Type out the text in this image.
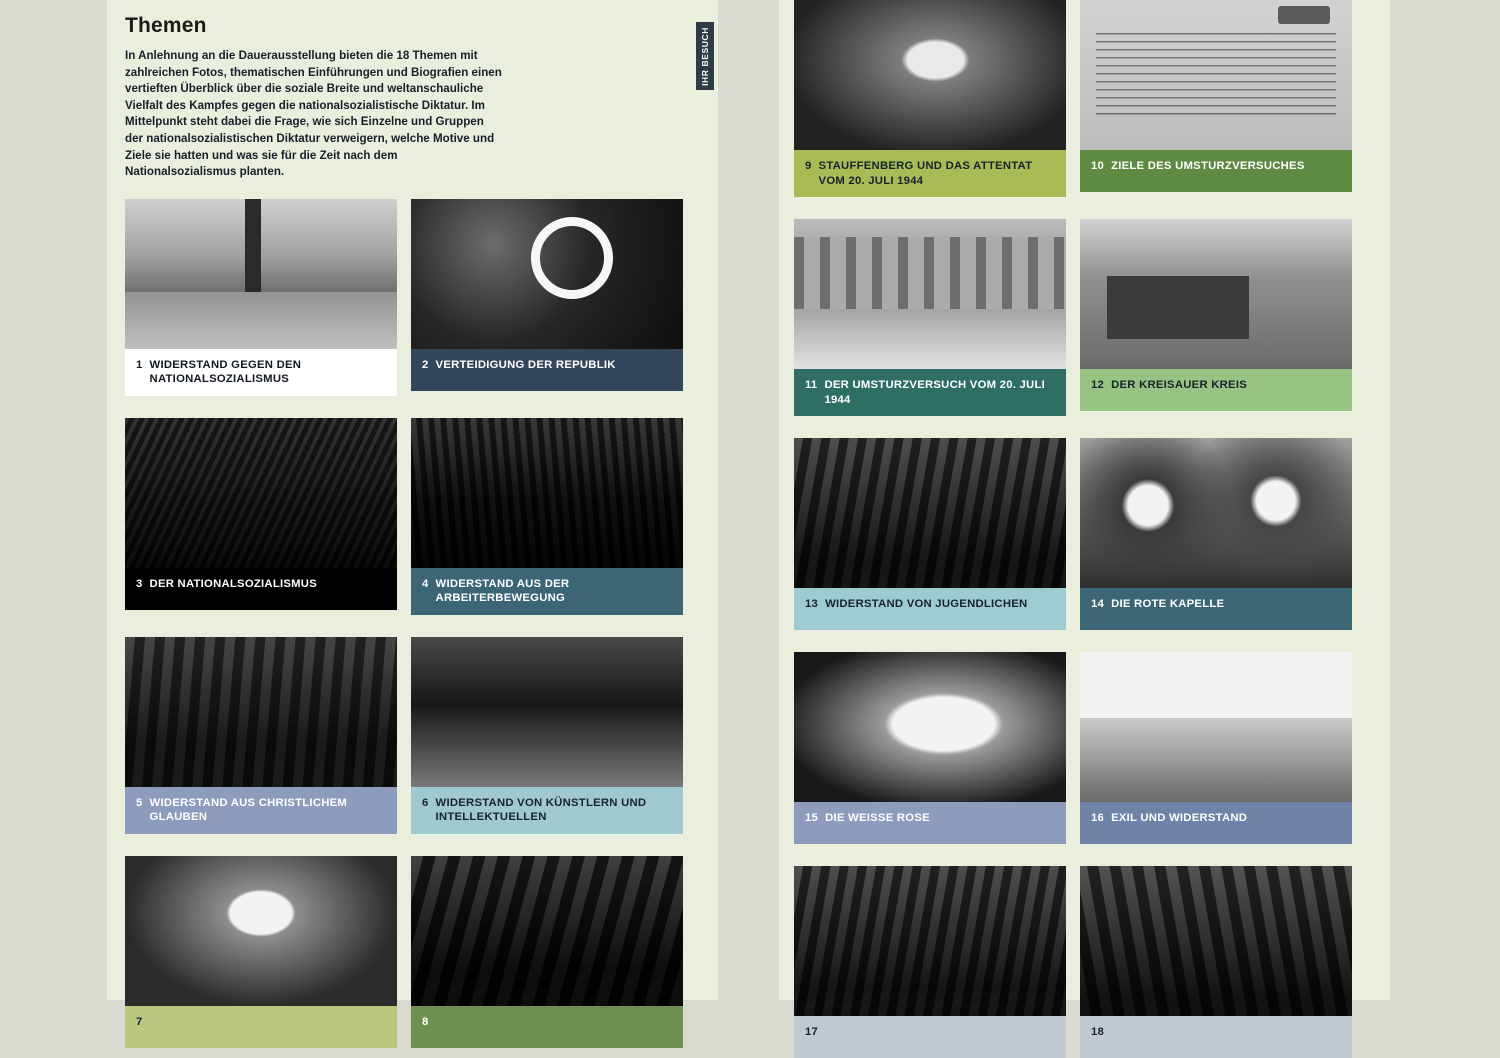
Themen

In Anlehnung an die Dauerausstellung bieten die 18 Themen mit zahlreichen Fotos, thematischen Einführungen und Biografien einen vertieften Überblick über die soziale Breite und weltanschauliche Vielfalt des Kampfes gegen die nationalsozialistische Diktatur. Im Mittelpunkt steht dabei die Frage, wie sich Einzelne und Gruppen der nationalsozialistischen Diktatur verweigern, welche Motive und Ziele sie hatten und was sie für die Zeit nach dem Nationalsozialismus planten.

1 WIDERSTAND GEGEN DEN NATIONALSOZIALISMUS
2 VERTEIDIGUNG DER REPUBLIK
3 DER NATIONALSOZIALISMUS	4 WIDERSTAND AUS DER ARBEITERBEWEGUNG
5 WIDERSTAND AUS CHRISTLICHEM GLAUBEN
6 WIDERSTAND VON KÜNSTLERN UND INTELLEKTUELLEN
7	8
IHR BESUCH
9 STAUFFENBERG UND DAS ATTENTAT VOM 20. JULI 1944
10 ZIELE DES UMSTURZVERSUCHES
11 DER UMSTURZVERSUCH VOM 20. JULI 1944
12 DER KREISAUER KREIS
13 WIDERSTAND VON JUGENDLICHEN	14 DIE ROTE KAPELLE
15 DIE WEISSE ROSE	16 EXIL UND WIDERSTAND
17	18
